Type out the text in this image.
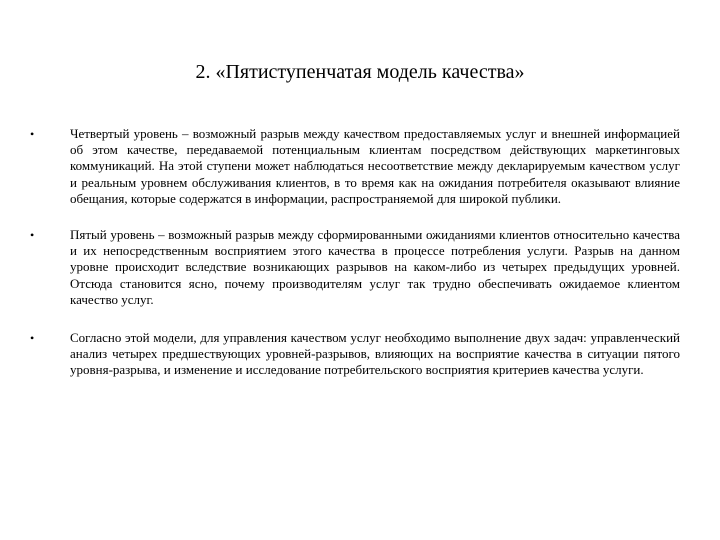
2. «Пятиступенчатая модель качества»
•	Четвертый уровень – возможный разрыв между качеством предоставляемых услуг и внешней информацией об этом качестве, передаваемой потенциальным клиентам посредством действующих маркетинговых коммуникаций. На этой ступени может наблюдаться несоответствие между декларируемым качеством услуг и реальным уровнем обслуживания клиентов, в то время как на ожидания потребителя оказывают влияние обещания, которые содержатся в информации, распространяемой для широкой публики.
•	Пятый уровень – возможный разрыв между сформированными ожиданиями клиентов относительно качества и их непосредственным восприятием этого качества в процессе потребления услуги. Разрыв на данном уровне происходит вследствие возникающих разрывов на каком-либо из четырех предыдущих уровней. Отсюда становится ясно, почему производителям услуг так трудно обеспечивать ожидаемое клиентом качество услуг.
•	Согласно этой модели, для управления качеством услуг необходимо выполнение двух задач: управленческий анализ четырех предшествующих уровней-разрывов, влияющих на восприятие качества в ситуации пятого уровня-разрыва, и изменение и исследование потребительского восприятия критериев качества услуги.
